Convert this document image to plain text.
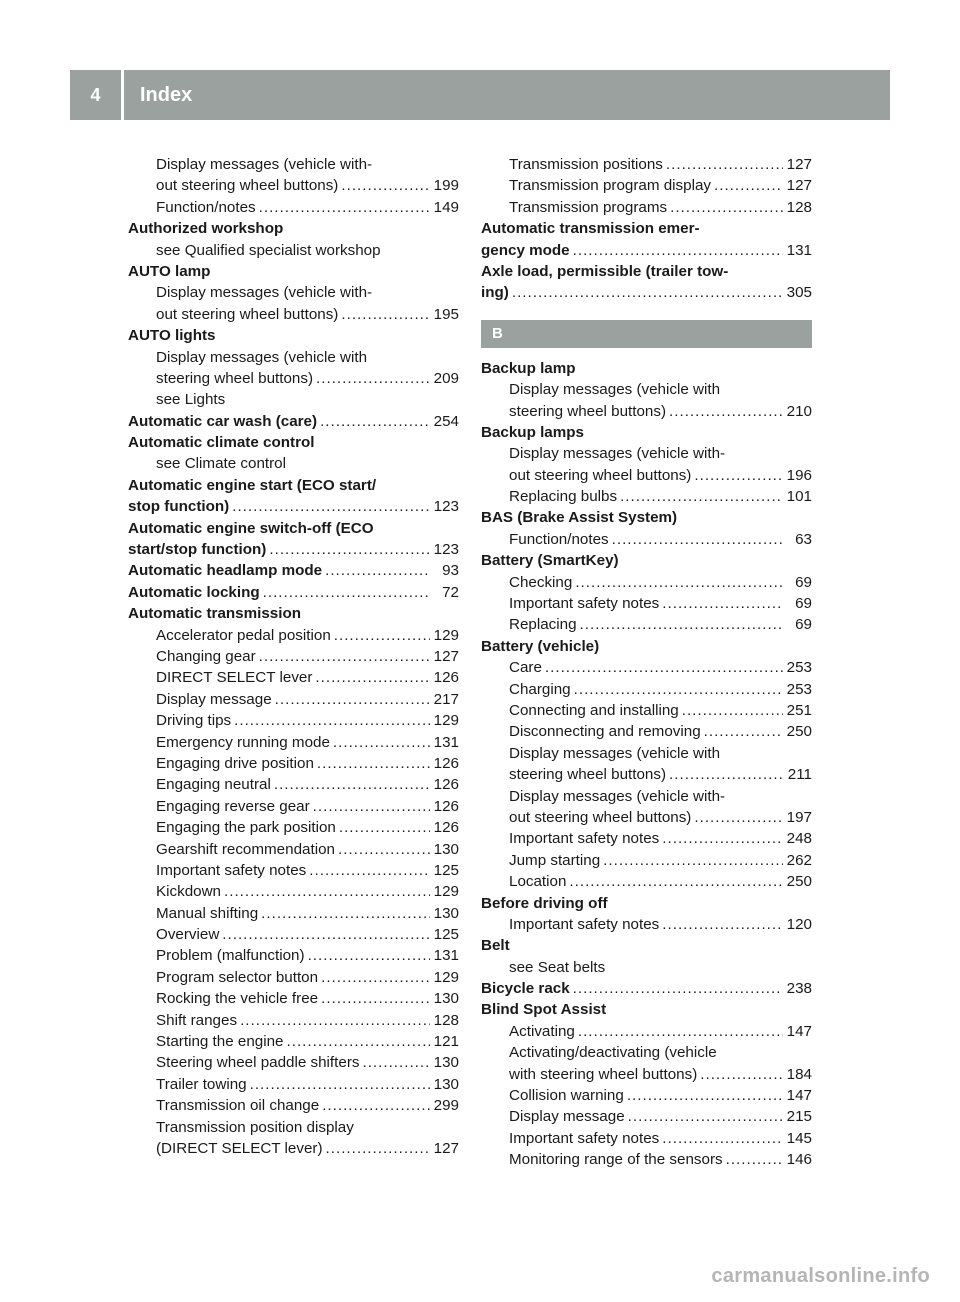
4	Index
Display messages (vehicle with-
out steering wheel buttons) .....	199
Function/notes .....	149
Authorized workshop
see Qualified specialist workshop
AUTO lamp
Display messages (vehicle with-
out steering wheel buttons) .....	195
AUTO lights
Display messages (vehicle with
steering wheel buttons) .....	209
see Lights
Automatic car wash (care) .....	254
Automatic climate control
see Climate control
Automatic engine start (ECO start/
stop function) .....	123
Automatic engine switch-off (ECO
start/stop function) .....	123
Automatic headlamp mode .....	93
Automatic locking .....	72
Automatic transmission
Accelerator pedal position .....	129
Changing gear .....	127
DIRECT SELECT lever .....	126
Display message .....	217
Driving tips .....	129
Emergency running mode .....	131
Engaging drive position .....	126
Engaging neutral .....	126
Engaging reverse gear .....	126
Engaging the park position .....	126
Gearshift recommendation .....	130
Important safety notes .....	125
Kickdown .....	129
Manual shifting .....	130
Overview .....	125
Problem (malfunction) .....	131
Program selector button .....	129
Rocking the vehicle free .....	130
Shift ranges .....	128
Starting the engine .....	121
Steering wheel paddle shifters .....	130
Trailer towing .....	130
Transmission oil change .....	299
Transmission position display
(DIRECT SELECT lever) .....	127
Transmission positions .....	127
Transmission program display .....	127
Transmission programs .....	128
Automatic transmission emer-
gency mode .....	131
Axle load, permissible (trailer tow-
ing) .....	305
B
Backup lamp
Display messages (vehicle with
steering wheel buttons) .....	210
Backup lamps
Display messages (vehicle with-
out steering wheel buttons) .....	196
Replacing bulbs .....	101
BAS (Brake Assist System)
Function/notes .....	63
Battery (SmartKey)
Checking .....	69
Important safety notes .....	69
Replacing .....	69
Battery (vehicle)
Care .....	253
Charging .....	253
Connecting and installing .....	251
Disconnecting and removing .....	250
Display messages (vehicle with
steering wheel buttons) .....	211
Display messages (vehicle with-
out steering wheel buttons) .....	197
Important safety notes .....	248
Jump starting .....	262
Location .....	250
Before driving off
Important safety notes .....	120
Belt
see Seat belts
Bicycle rack .....	238
Blind Spot Assist
Activating .....	147
Activating/deactivating (vehicle
with steering wheel buttons) .....	184
Collision warning .....	147
Display message .....	215
Important safety notes .....	145
Monitoring range of the sensors .....	146
carmanualsonline.info
